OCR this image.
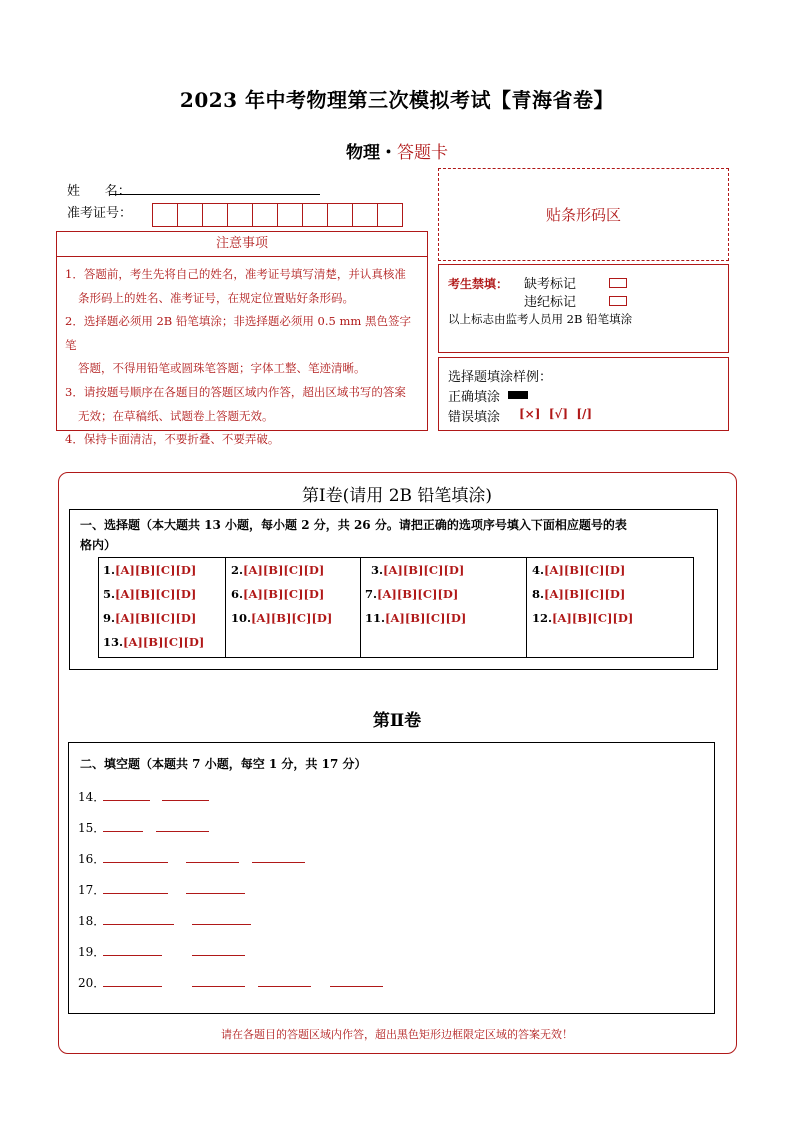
2023 年中考物理第三次模拟考试【青海省卷】
物理・答题卡
姓      名：
准考证号：	贴条形码区
注意事项
1．答题前，考生先将自己的姓名，准考证号填写清楚，并认真核准
条形码上的姓名、准考证号，在规定位置贴好条形码。
2．选择题必须用 2B 铅笔填涂；非选择题必须用 0.5 mm 黑色签字笔
答题，不得用铅笔或圆珠笔答题；字体工整、笔迹清晰。
3．请按题号顺序在各题目的答题区域内作答，超出区域书写的答案
无效；在草稿纸、试题卷上答题无效。
4．保持卡面清洁，不要折叠、不要弄破。
考生禁填： 缺考标记
违纪标记
以上标志由监考人员用 2B 铅笔填涂
选择题填涂样例：
正确填涂
错误填涂 [×]  [√]  [/]
第Ⅰ卷(请用 2B 铅笔填涂)
一、选择题（本大题共 13 小题，每小题 2 分，共 26 分。请把正确的选项序号填入下面相应题号的表
格内）
1.[A][B][C][D]	2.[A][B][C][D]	3.[A][B][C][D]	4.[A][B][C][D]
5.[A][B][C][D]	6.[A][B][C][D]	7.[A][B][C][D]	8.[A][B][C][D]
9.[A][B][C][D]	10.[A][B][C][D]	11.[A][B][C][D]	12.[A][B][C][D]
13.[A][B][C][D]
第Ⅱ卷
二、填空题（本题共 7 小题，每空 1 分，共 17 分）
14．
15．
16．
17．
18．
19．
20．
请在各题目的答题区域内作答，超出黑色矩形边框限定区域的答案无效！
